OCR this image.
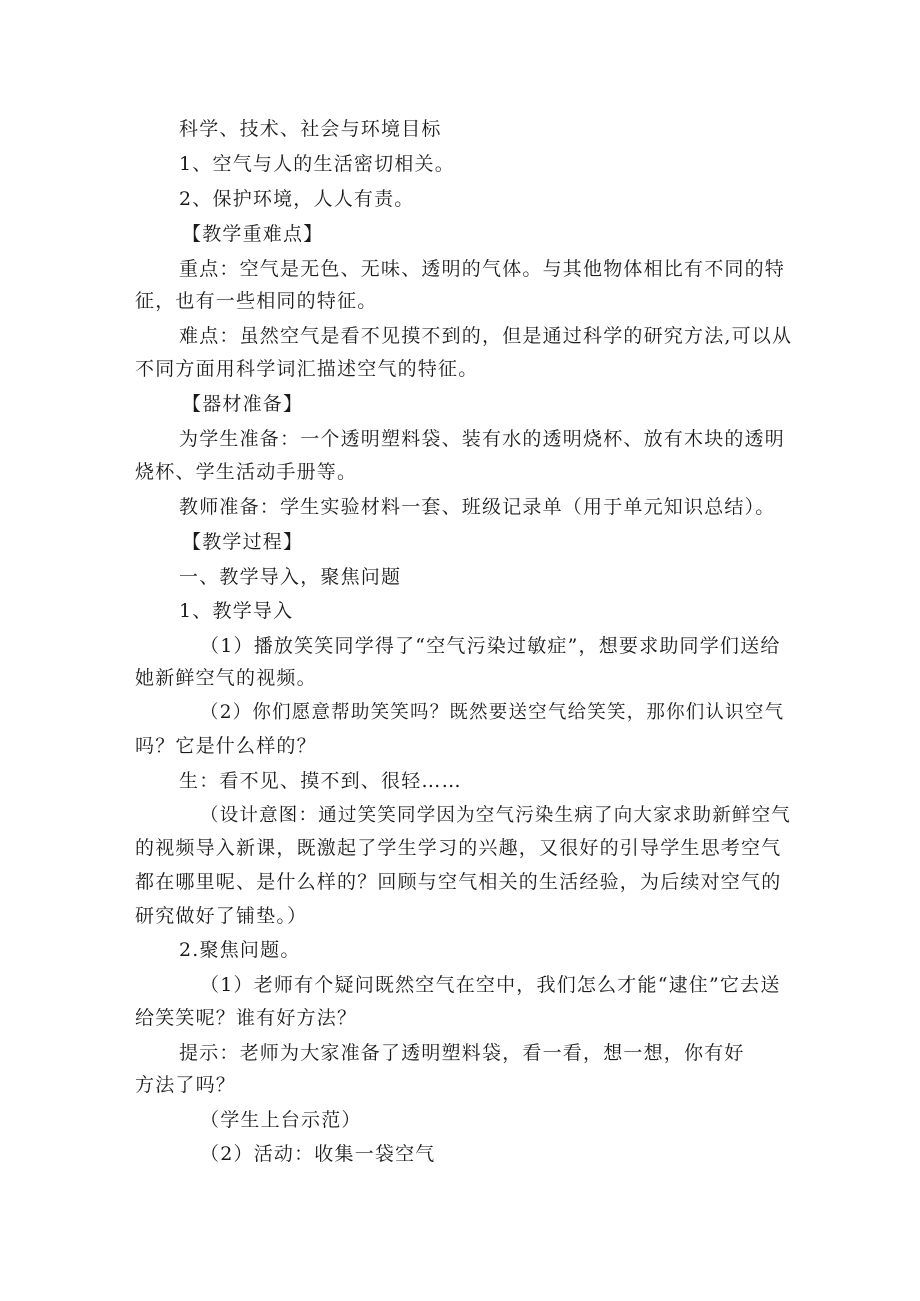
科学、技术、社会与环境目标
1、空气与人的生活密切相关。
2、保护环境，人人有责。
【教学重难点】
重点：空气是无色、无味、透明的气体。与其他物体相比有不同的特
征，也有一些相同的特征。
难点：虽然空气是看不见摸不到的，但是通过科学的研究方法,可以从
不同方面用科学词汇描述空气的特征。
【器材准备】
为学生准备：一个透明塑料袋、装有水的透明烧杯、放有木块的透明
烧杯、学生活动手册等。
教师准备：学生实验材料一套、班级记录单（用于单元知识总结）。
【教学过程】
一、教学导入，聚焦问题
1、教学导入
（1）播放笑笑同学得了“空气污染过敏症”，想要求助同学们送给
她新鲜空气的视频。
（2）你们愿意帮助笑笑吗？既然要送空气给笑笑，那你们认识空气
吗？它是什么样的？
生：看不见、摸不到、很轻……
（设计意图：通过笑笑同学因为空气污染生病了向大家求助新鲜空气
的视频导入新课，既激起了学生学习的兴趣，又很好的引导学生思考空气
都在哪里呢、是什么样的？回顾与空气相关的生活经验，为后续对空气的
研究做好了铺垫。）
2.聚焦问题。
（1）老师有个疑问既然空气在空中，我们怎么才能“逮住”它去送
给笑笑呢？谁有好方法？
提示：老师为大家准备了透明塑料袋，看一看，想一想，你有好
方法了吗？
（学生上台示范）
（2）活动：收集一袋空气
